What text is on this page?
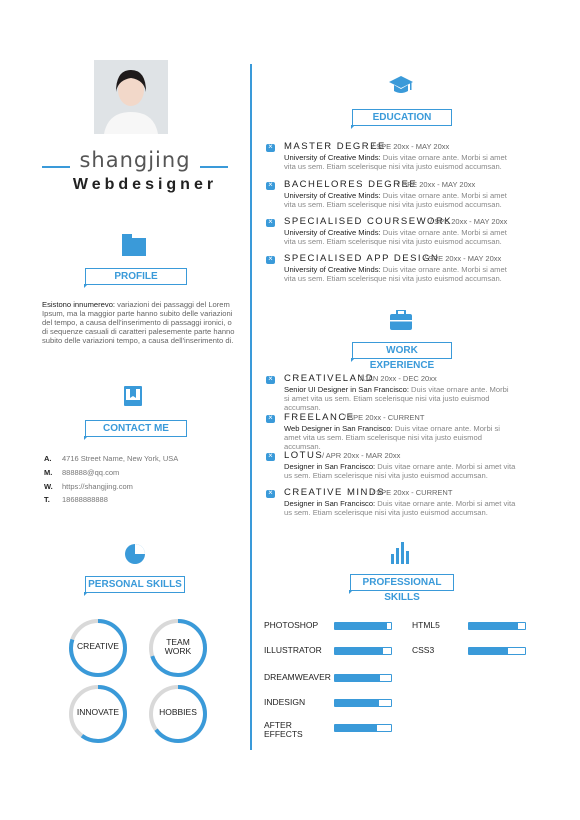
shangjing
Webdesigner
PROFILE
Esistono innumerevo: variazioni dei passaggi del Lorem Ipsum, ma la maggior parte hanno subito delle variazioni del tempo, a causa dell'inserimento di passaggi ironici, o di sequenze casuali di caratteri palesemente parte hanno subito delle variazioni tempo, a causa dell'inserimento di.
CONTACT ME
A. 4716 Street Name, New York, USA
M. 888888@qq.com
W. https://shangjing.com
T. 18688888888
PERSONAL SKILLS
CREATIVE	TEAM
WORK
INNOVATE	HOBBIES
EDUCATION
×
MASTER DEGREE
/ SPE 20xx - MAY 20xx
University of Creative Minds: Duis vitae ornare ante. Morbi si amet vita us sem. Etiam scelerisque nisi vita justo euismod accumsan.
×
BACHELORES DEGREE
/ SPE 20xx - MAY 20xx
University of Creative Minds: Duis vitae ornare ante. Morbi si amet vita us sem. Etiam scelerisque nisi vita justo euismod accumsan.
×
SPECIALISED COURSEWORK
/ SPE 20xx - MAY 20xx
University of Creative Minds: Duis vitae ornare ante. Morbi si amet vita us sem. Etiam scelerisque nisi vita justo euismod accumsan.
×
SPECIALISED APP DESIGN
/ SPE 20xx - MAY 20xx
University of Creative Minds: Duis vitae ornare ante. Morbi si amet vita us sem. Etiam scelerisque nisi vita justo euismod accumsan.
WORK EXPERIENCE
×
CREATIVELAND
/ JAN 20xx - DEC 20xx
Senior UI Designer in San Francisco: Duis vitae ornare ante. Morbi si amet vita us sem. Etiam scelerisque nisi vita justo euismod accumsan.
×
FREELANCE
/ SPE 20xx - CURRENT
Web Designer in San Francisco: Duis vitae ornare ante. Morbi si amet vita us sem. Etiam scelerisque nisi vita justo euismod accumsan.
×
LOTUS
/ APR 20xx - MAR 20xx
Designer in San Francisco: Duis vitae ornare ante. Morbi si amet vita us sem. Etiam scelerisque nisi vita justo euismod accumsan.
×
CREATIVE MINDS
/ SPE 20xx - CURRENT
Designer in San Francisco: Duis vitae ornare ante. Morbi si amet vita us sem. Etiam scelerisque nisi vita justo euismod accumsan.
PROFESSIONAL SKILLS
PHOTOSHOP	HTML5
ILLUSTRATOR	CSS3
DREAMWEAVER
INDESIGN
AFTER
EFFECTS
